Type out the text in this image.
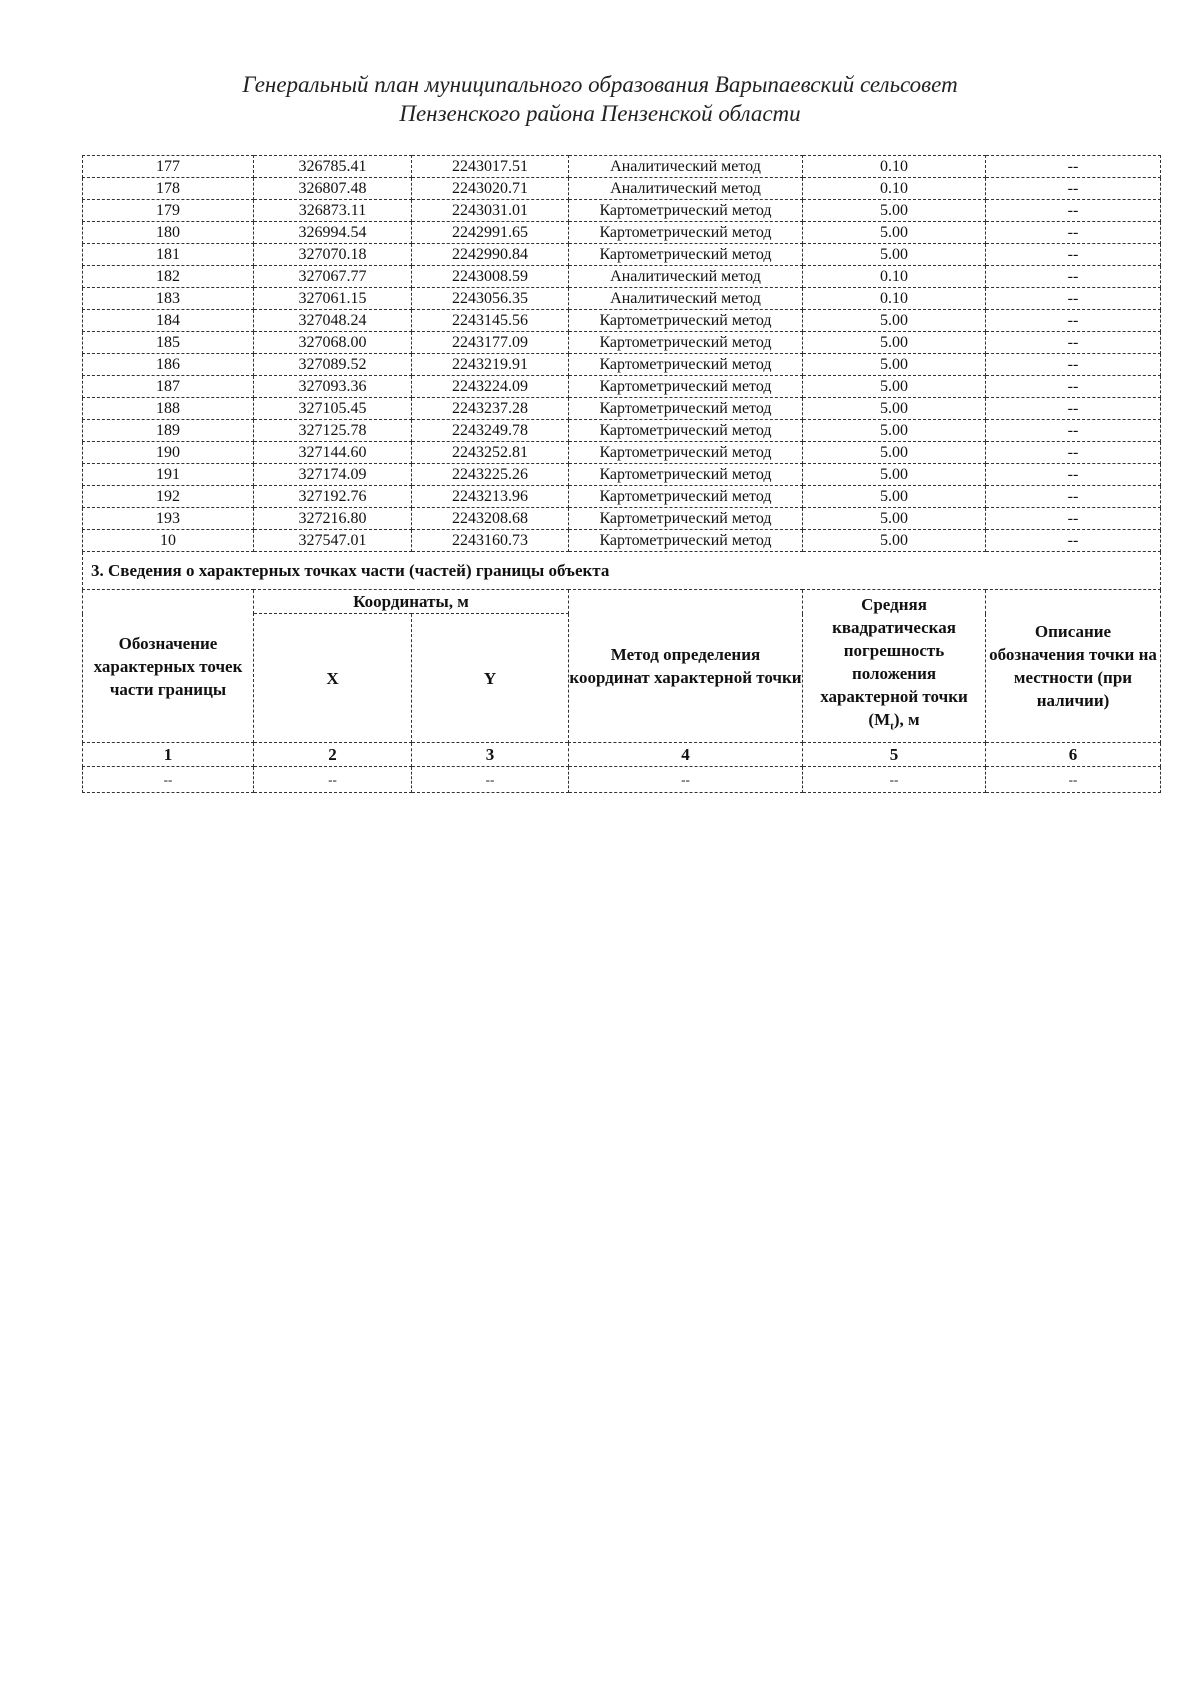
Генеральный план муниципального образования Варыпаевский сельсовет
Пензенского района Пензенской области
177	326785.41	2243017.51	Аналитический метод	0.10	--
178	326807.48	2243020.71	Аналитический метод	0.10	--
179	326873.11	2243031.01	Картометрический метод	5.00	--
180	326994.54	2242991.65	Картометрический метод	5.00	--
181	327070.18	2242990.84	Картометрический метод	5.00	--
182	327067.77	2243008.59	Аналитический метод	0.10	--
183	327061.15	2243056.35	Аналитический метод	0.10	--
184	327048.24	2243145.56	Картометрический метод	5.00	--
185	327068.00	2243177.09	Картометрический метод	5.00	--
186	327089.52	2243219.91	Картометрический метод	5.00	--
187	327093.36	2243224.09	Картометрический метод	5.00	--
188	327105.45	2243237.28	Картометрический метод	5.00	--
189	327125.78	2243249.78	Картометрический метод	5.00	--
190	327144.60	2243252.81	Картометрический метод	5.00	--
191	327174.09	2243225.26	Картометрический метод	5.00	--
192	327192.76	2243213.96	Картометрический метод	5.00	--
193	327216.80	2243208.68	Картометрический метод	5.00	--
10	327547.01	2243160.73	Картометрический метод	5.00	--
3. Сведения о характерных точках части (частей) границы объекта					
Обозначение характерных точек части границы	Координаты, м		Метод определения координат характерной точки	Средняя квадратическая погрешность положения характерной точки $(M_t)$, м	Описание обозначения точки на местности (при наличии)
	X	Y			
1	2	3	4	5	6
--	--	--	--	--	--
